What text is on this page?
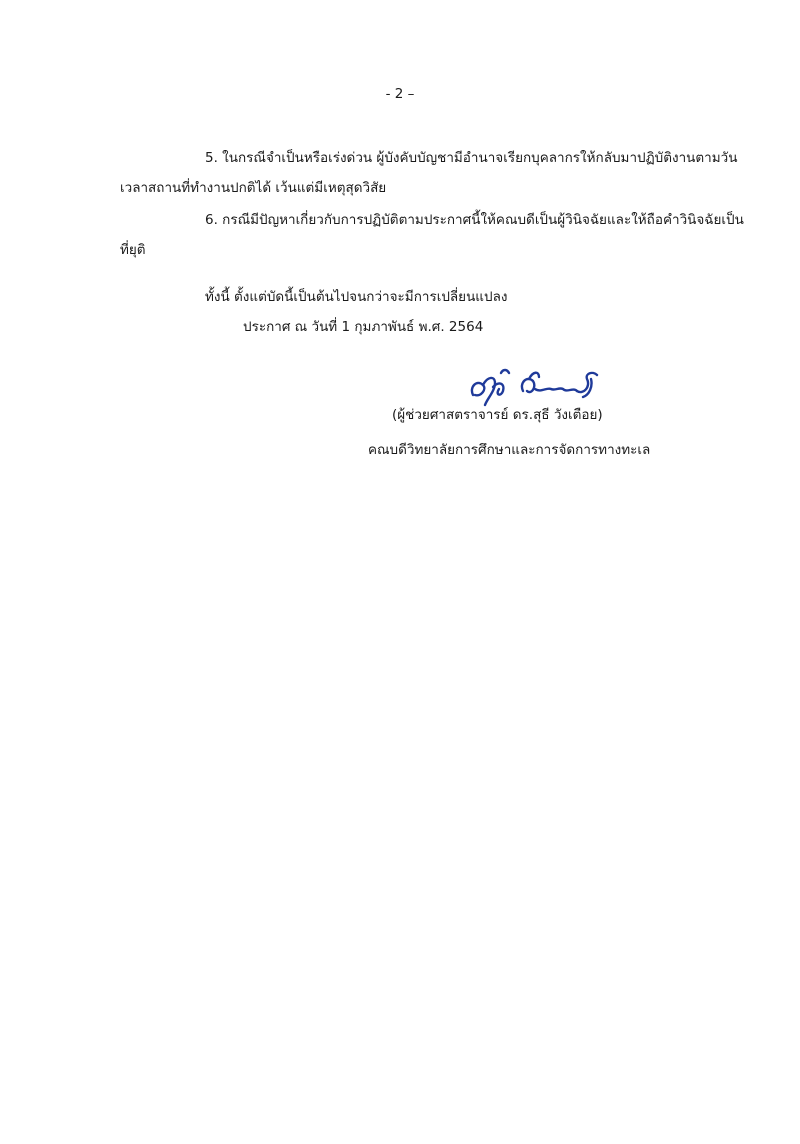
- 2 –
5. ในกรณีจำเป็นหรือเร่งด่วน ผู้บังคับบัญชามีอำนาจเรียกบุคลากรให้กลับมาปฏิบัติงานตามวัน
เวลาสถานที่ทำงานปกติได้ เว้นแต่มีเหตุสุดวิสัย
6. กรณีมีปัญหาเกี่ยวกับการปฏิบัติตามประกาศนี้ให้คณบดีเป็นผู้วินิจฉัยและให้ถือคำวินิจฉัยเป็น
ที่ยุติ
ทั้งนี้ ตั้งแต่บัดนี้เป็นต้นไปจนกว่าจะมีการเปลี่ยนแปลง
ประกาศ ณ วันที่ 1 กุมภาพันธ์ พ.ศ. 2564
(ผู้ช่วยศาสตราจารย์ ดร.สุธี วังเตือย)
คณบดีวิทยาลัยการศึกษาและการจัดการทางทะเล
